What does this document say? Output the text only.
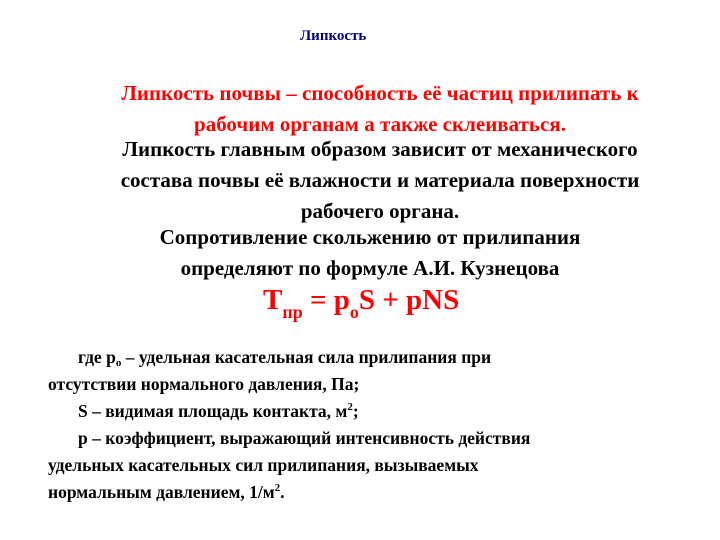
Липкость
Липкость почвы – способность её частиц прилипать к
рабочим органам а также склеиваться.
Липкость главным образом зависит от механического
состава почвы её влажности и материала поверхности
рабочего органа.
Сопротивление скольжению от прилипания
определяют по формуле А.И. Кузнецова
$T_{пр} = p_oS$ + pNS
где $p_o$ – удельная касательная сила прилипания при
отсутствии нормального давления, Па;
S – видимая площадь контакта, $м^2$;
p – коэффициент, выражающий интенсивность действия
удельных касательных сил прилипания, вызываемых
нормальным давлением, $1/м^2$.
